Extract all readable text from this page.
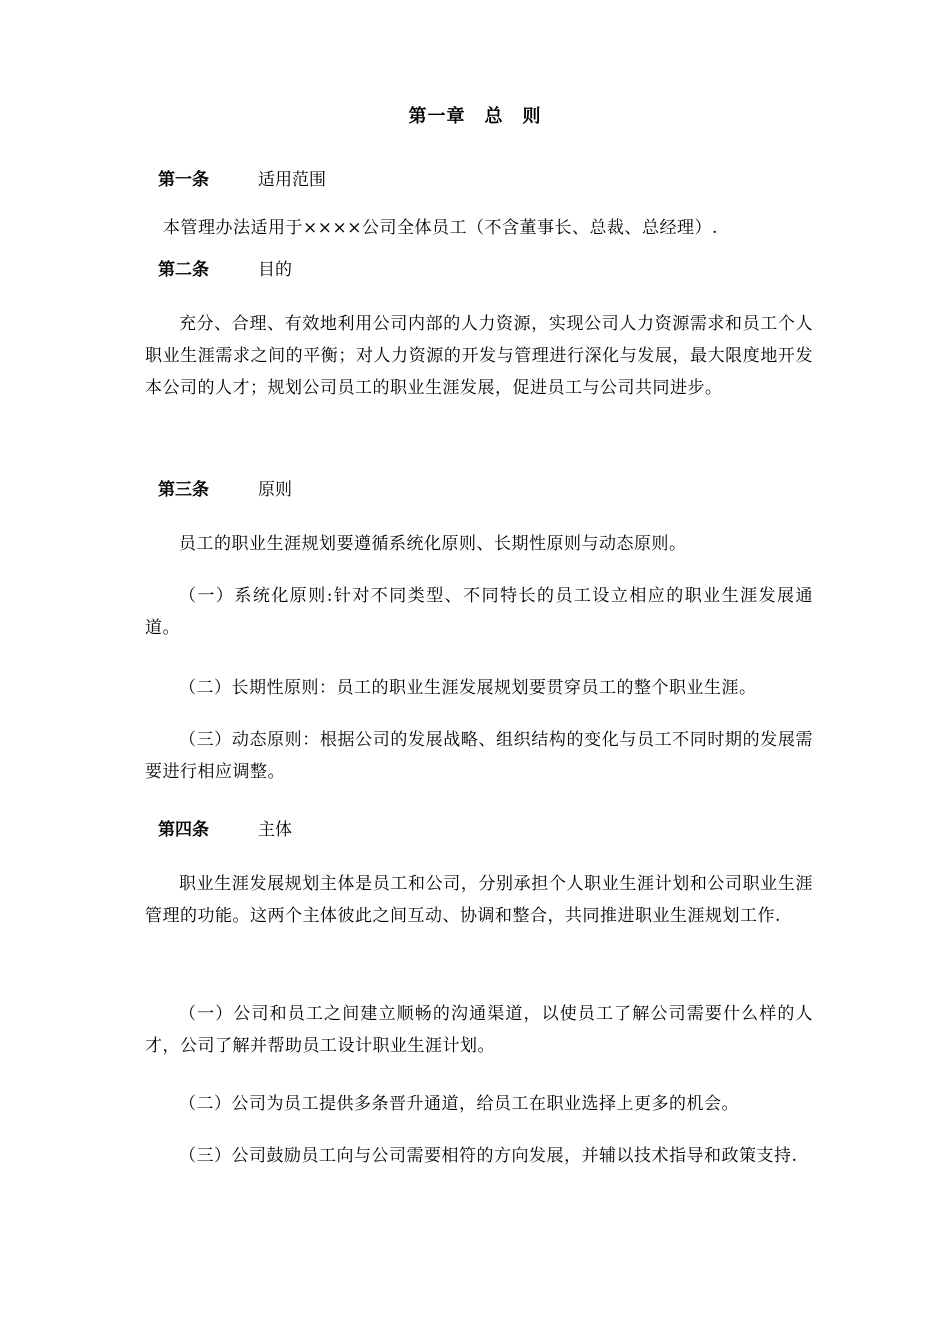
第一章　总　则
第一条	适用范围
本管理办法适用于××××公司全体员工（不含董事长、总裁、总经理）.
第二条	目的
充分、合理、有效地利用公司内部的人力资源，实现公司人力资源需求和员工个人职业生涯需求之间的平衡；对人力资源的开发与管理进行深化与发展，最大限度地开发本公司的人才；规划公司员工的职业生涯发展，促进员工与公司共同进步。
第三条	原则
员工的职业生涯规划要遵循系统化原则、长期性原则与动态原则。
（一）系统化原则:针对不同类型、不同特长的员工设立相应的职业生涯发展通道。
（二）长期性原则：员工的职业生涯发展规划要贯穿员工的整个职业生涯。
（三）动态原则：根据公司的发展战略、组织结构的变化与员工不同时期的发展需要进行相应调整。
第四条	主体
职业生涯发展规划主体是员工和公司，分别承担个人职业生涯计划和公司职业生涯管理的功能。这两个主体彼此之间互动、协调和整合，共同推进职业生涯规划工作.
（一）公司和员工之间建立顺畅的沟通渠道，以使员工了解公司需要什么样的人才，公司了解并帮助员工设计职业生涯计划。
（二）公司为员工提供多条晋升通道，给员工在职业选择上更多的机会。
（三）公司鼓励员工向与公司需要相符的方向发展，并辅以技术指导和政策支持.
